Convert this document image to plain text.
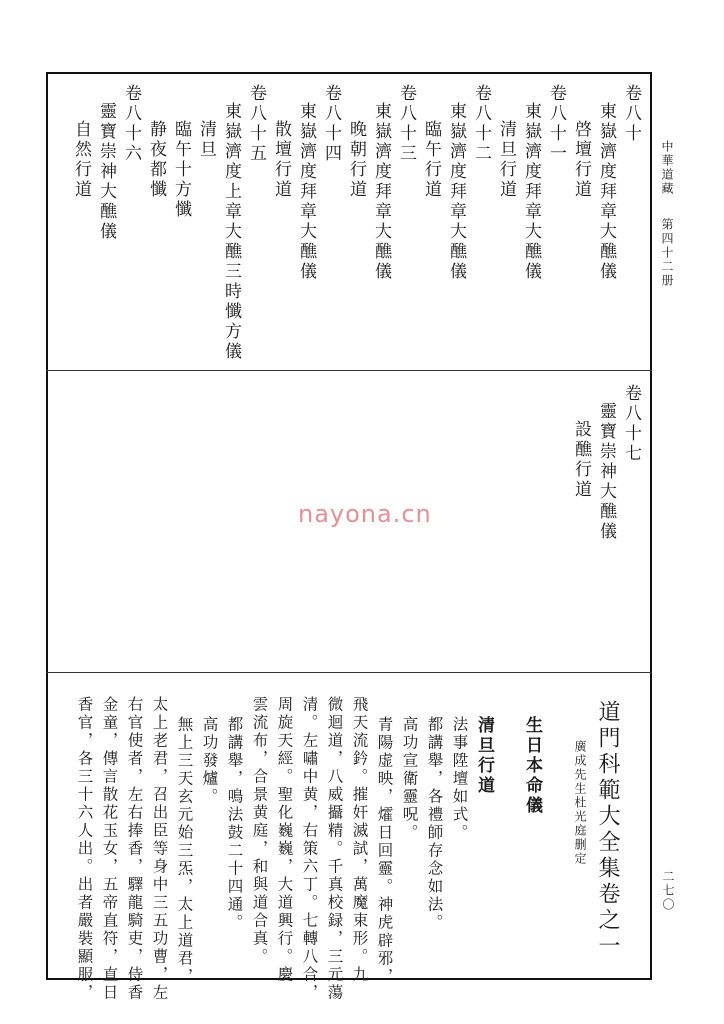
中華道藏
第四十二册
二七〇
卷八十
東嶽濟度拜章大醮儀
啓壇行道
卷八十一
東嶽濟度拜章大醮儀
清旦行道
卷八十二
東嶽濟度拜章大醮儀
臨午行道
卷八十三
東嶽濟度拜章大醮儀
晚朝行道
卷八十四
東嶽濟度拜章大醮儀
散壇行道
卷八十五
東嶽濟度上章大醮三時懺方儀
清旦
臨午十方懺
静夜都懺
卷八十六
靈寶崇神大醮儀
自然行道
卷八十七
靈寶崇神大醮儀
設醮行道
nayona.cn
道門科範大全集卷之一
廣成先生杜光庭删定
生日本命儀
清旦行道
法事陞壇如式。
都講舉，各禮師存念如法。
高功宣衛靈呪。
青陽虚映，㸌日回靈。神虎辟邪，
飛天流鈐。摧奸滅試，萬魔束形。九
微迴道，八威攝精。千真校録，三元蕩
清。左嘯中黄，右策六丁。七轉八合，
周旋天經。聖化巍巍，大道興行。慶
雲流布，合景黄庭，和與道合真。
都講舉，鳴法鼓二十四通。
高功發爐。
無上三天玄元始三炁，太上道君，
太上老君，召出臣等身中三五功曹，左
右官使者，左右捧香，驛龍騎吏，侍香
金童，傳言散花玉女，五帝直符，直日
香官，各三十六人出。出者嚴裝顯服，
